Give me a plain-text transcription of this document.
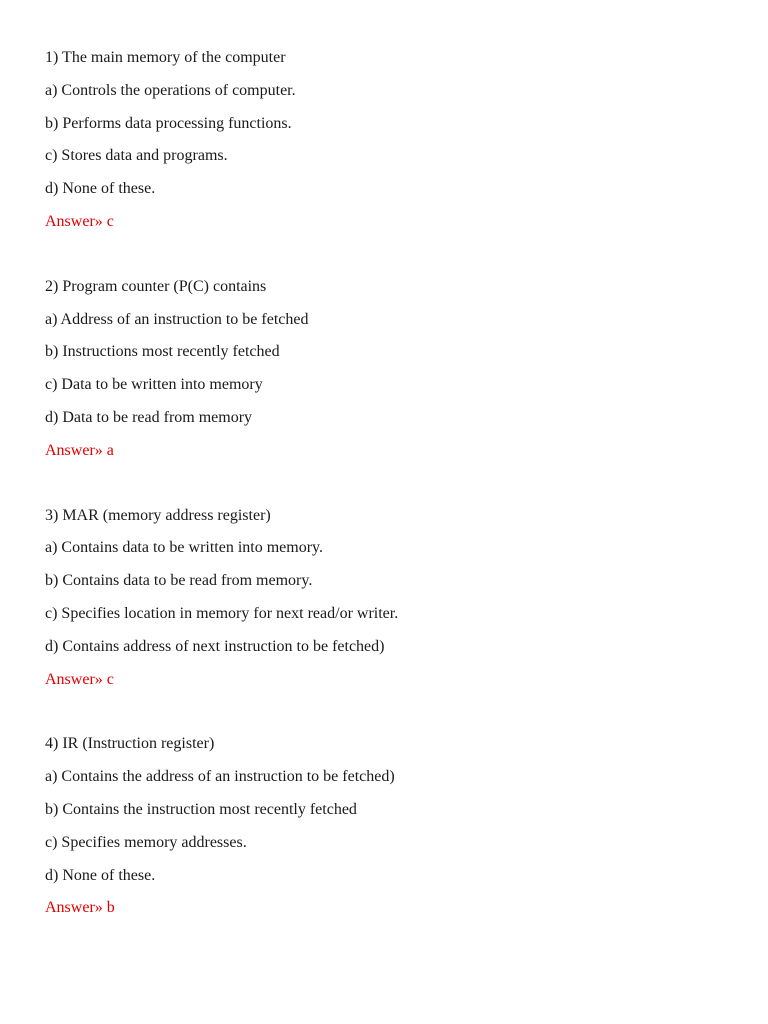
1) The main memory of the computer
a) Controls the operations of computer.
b) Performs data processing functions.
c) Stores data and programs.
d) None of these.
Answer» c
2) Program counter (P(C) contains
a) Address of an instruction to be fetched
b) Instructions most recently fetched
c) Data to be written into memory
d) Data to be read from memory
Answer» a
3) MAR (memory address register)
a) Contains data to be written into memory.
b) Contains data to be read from memory.
c) Specifies location in memory for next read/or writer.
d) Contains address of next instruction to be fetched)
Answer» c
4) IR (Instruction register)
a) Contains the address of an instruction to be fetched)
b) Contains the instruction most recently fetched
c) Specifies memory addresses.
d) None of these.
Answer» b
